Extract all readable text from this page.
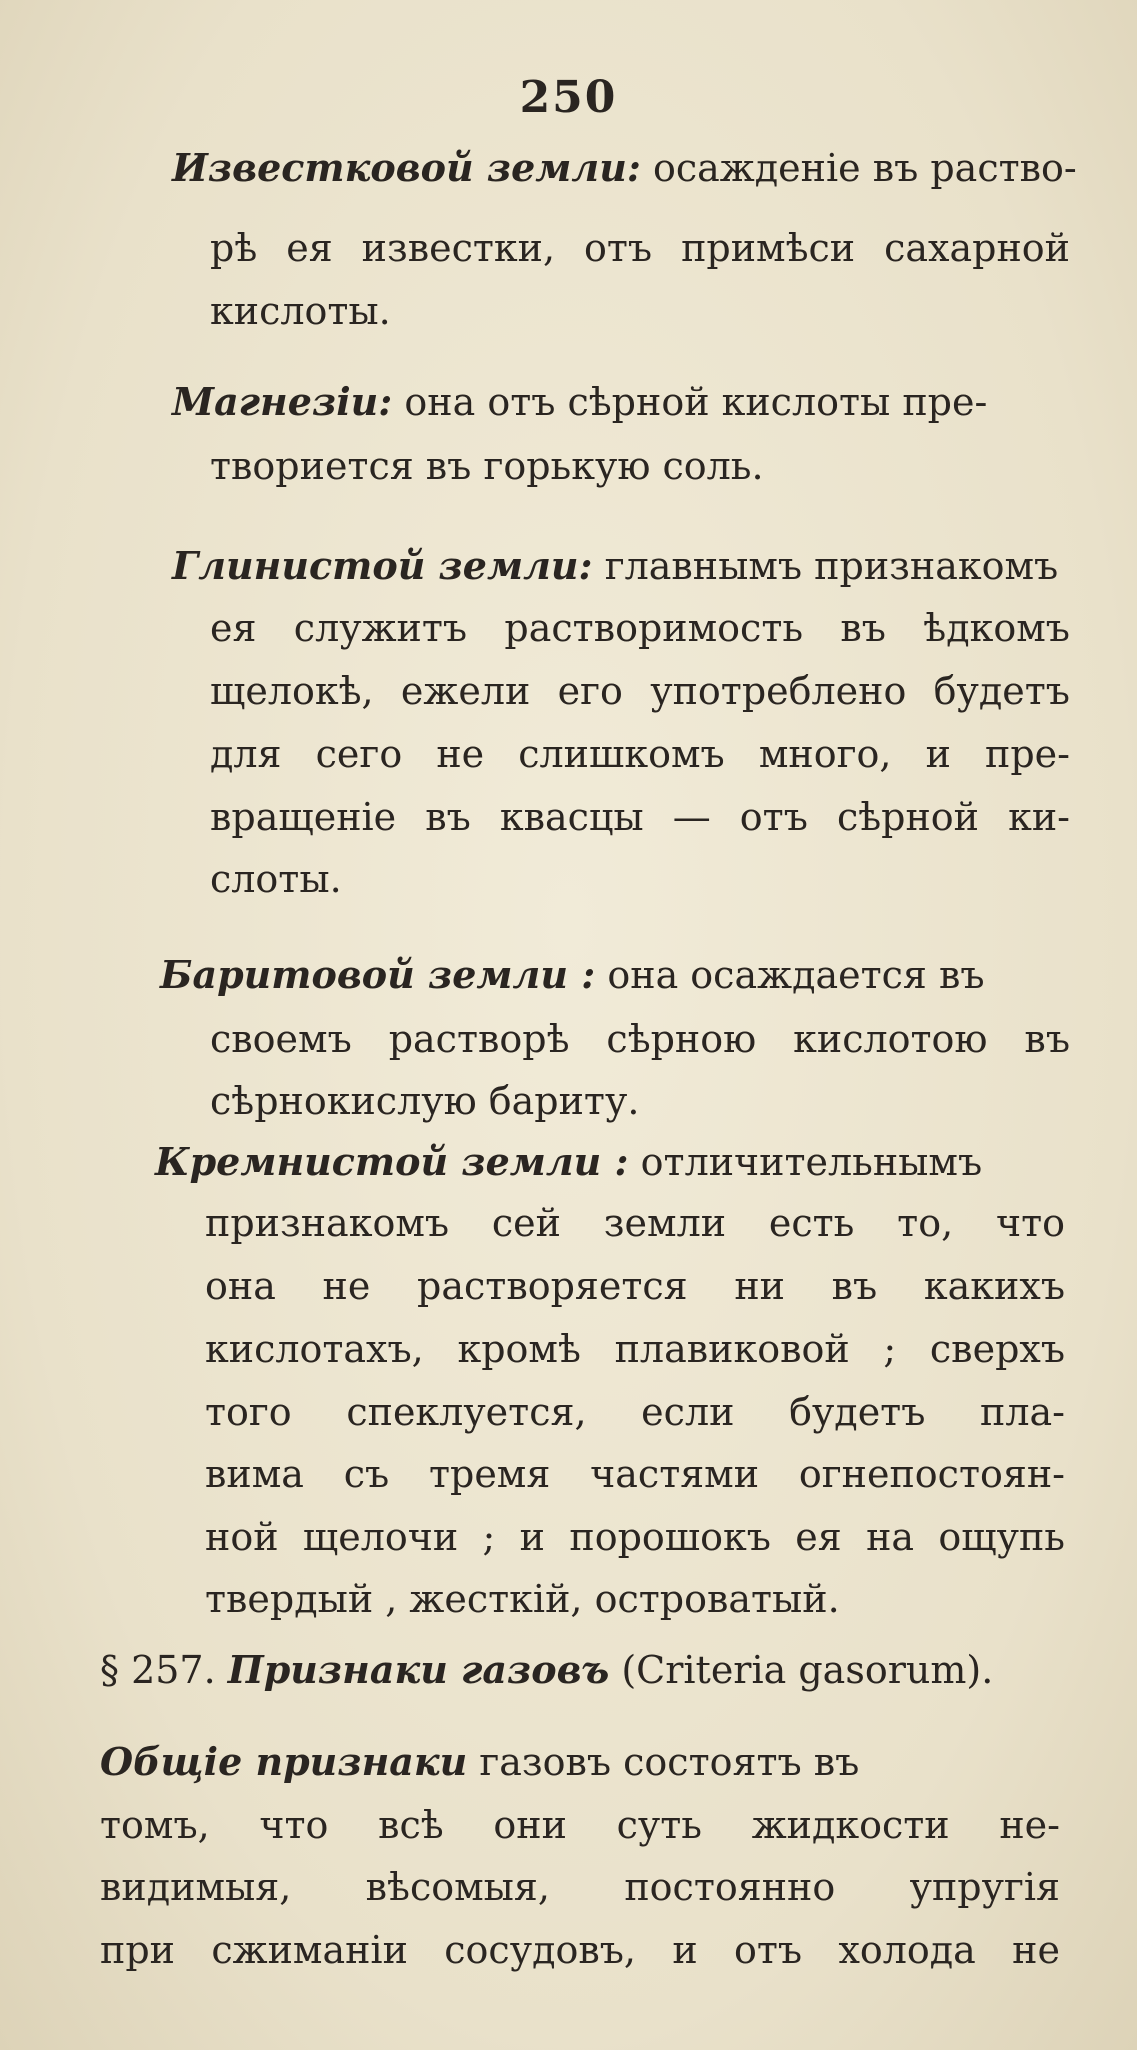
250
Известковой земли: осажденіе въ раство-
рѣ ея известки, отъ примѣси сахарной
кислоты.
Магнезіи: она отъ сѣрной кислоты пре-
твориется въ горькую соль.
Глинистой земли: главнымъ признакомъ
ея служитъ растворимость въ ѣдкомъ
щелокѣ, ежели его употреблено будетъ
для сего не слишкомъ много, и пре-
вращеніе въ квасцы — отъ сѣрной ки-
слоты.
Баритовой земли : она осаждается въ
своемъ растворѣ сѣрною кислотою въ
сѣрнокислую бариту.
Кремнистой земли : отличительнымъ
признакомъ сей земли есть то, что
она не растворяется ни въ какихъ
кислотахъ, кромѣ плавиковой ; сверхъ
того спеклуется, если будетъ пла-
вима съ тремя частями огнепостоян-
ной щелочи ; и порошокъ ея на ощупь
твердый , жесткій, островатый.
§ 257. Признаки газовъ (Criteria gasorum).
Общіе признаки газовъ состоятъ въ
томъ, что всѣ они суть жидкости не-
видимыя, вѣсомыя, постоянно упругія
при сжиманіи сосудовъ, и отъ холода не
